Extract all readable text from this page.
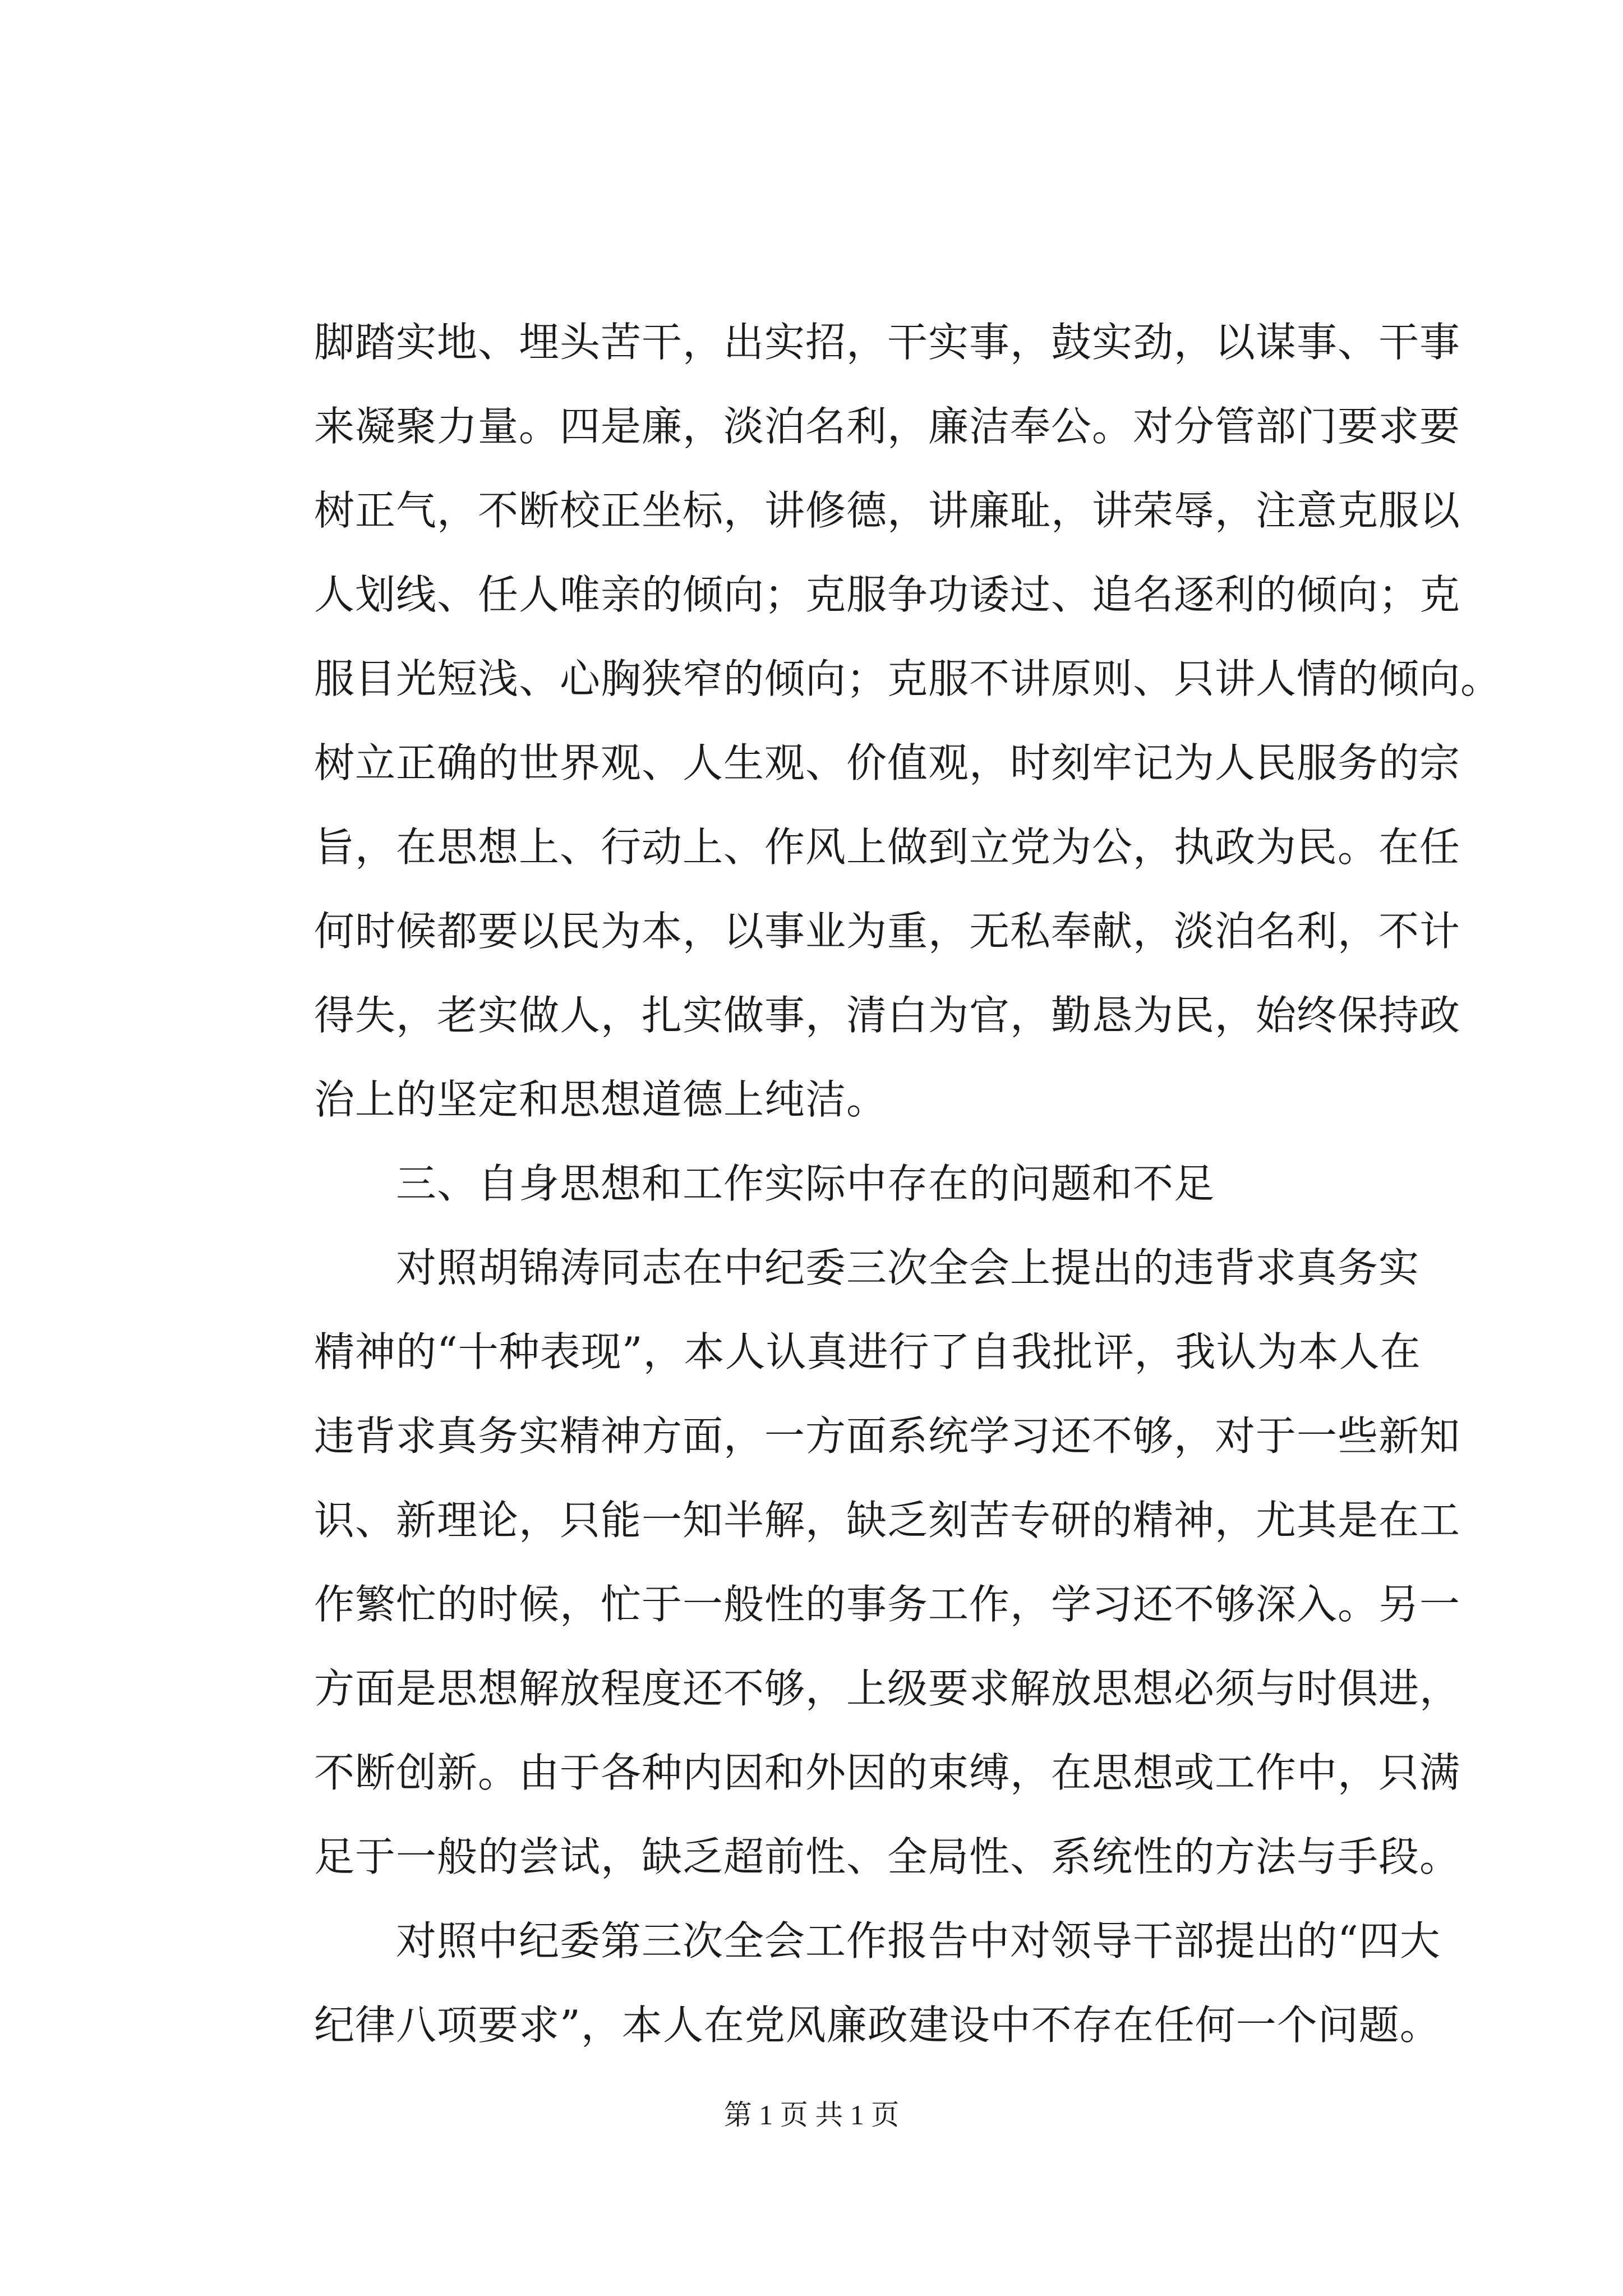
脚踏实地、埋头苦干，出实招，干实事，鼓实劲，以谋事、干事
来凝聚力量。四是廉，淡泊名利，廉洁奉公。对分管部门要求要
树正气，不断校正坐标，讲修德，讲廉耻，讲荣辱，注意克服以
人划线、任人唯亲的倾向；克服争功诿过、追名逐利的倾向；克
服目光短浅、心胸狭窄的倾向；克服不讲原则、只讲人情的倾向。
树立正确的世界观、人生观、价值观，时刻牢记为人民服务的宗
旨，在思想上、行动上、作风上做到立党为公，执政为民。在任
何时候都要以民为本，以事业为重，无私奉献，淡泊名利，不计
得失，老实做人，扎实做事，清白为官，勤恳为民，始终保持政
治上的坚定和思想道德上纯洁。
　　三、自身思想和工作实际中存在的问题和不足
　　对照胡锦涛同志在中纪委三次全会上提出的违背求真务实
精神的“十种表现”，本人认真进行了自我批评，我认为本人在
违背求真务实精神方面，一方面系统学习还不够，对于一些新知
识、新理论，只能一知半解，缺乏刻苦专研的精神，尤其是在工
作繁忙的时候，忙于一般性的事务工作，学习还不够深入。另一
方面是思想解放程度还不够，上级要求解放思想必须与时俱进，
不断创新。由于各种内因和外因的束缚，在思想或工作中，只满
足于一般的尝试，缺乏超前性、全局性、系统性的方法与手段。
　　对照中纪委第三次全会工作报告中对领导干部提出的“四大
纪律八项要求”，本人在党风廉政建设中不存在任何一个问题。
第 1 页 共 1 页
